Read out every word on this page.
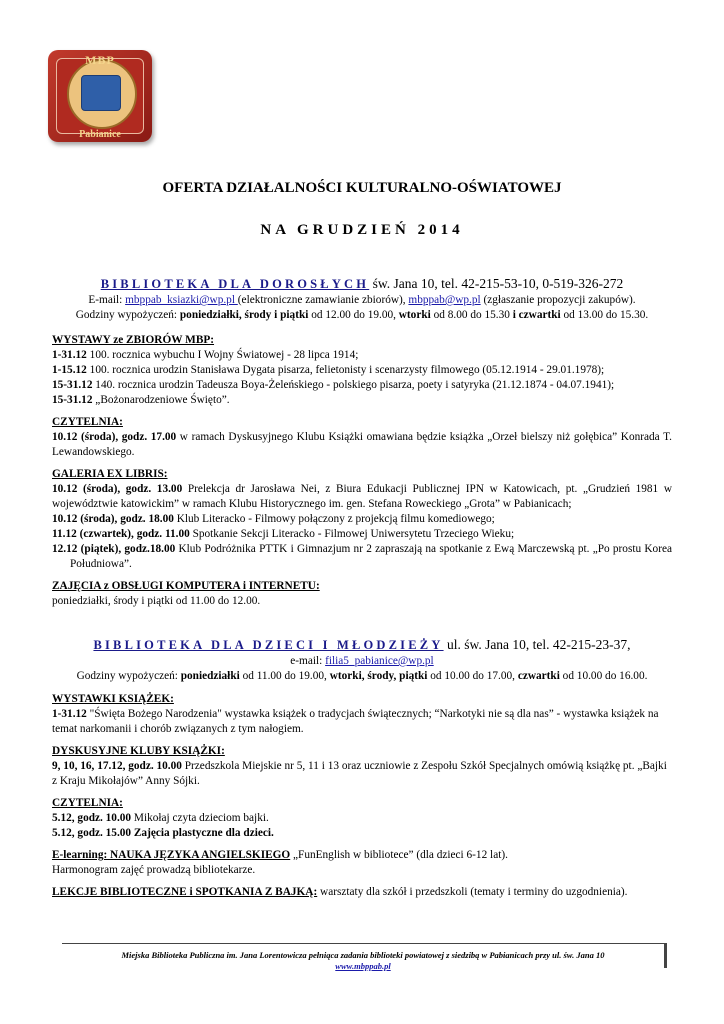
MBP
Pabianice
OFERTA DZIAŁALNOŚCI KULTURALNO-OŚWIATOWEJ
NA GRUDZIEŃ 2014

BIBLIOTEKA DLA DOROSŁYCH św. Jana 10, tel. 42-215-53-10, 0-519-326-272

E-mail: mbppab_ksiazki@wp.pl (elektroniczne zamawianie zbiorów), mbppab@wp.pl (zgłaszanie propozycji zakupów).

Godziny wypożyczeń: poniedziałki, środy i piątki od 12.00 do 19.00, wtorki od 8.00 do 15.30 i czwartki od 13.00 do 15.30.

WYSTAWY ze ZBIORÓW MBP:

1-31.12 100. rocznica wybuchu I Wojny Światowej - 28 lipca 1914;

1-15.12 100. rocznica urodzin Stanisława Dygata pisarza, felietonisty i scenarzysty filmowego (05.12.1914 - 29.01.1978);

15-31.12 140. rocznica urodzin Tadeusza Boya-Żeleńskiego - polskiego pisarza, poety i satyryka (21.12.1874 - 04.07.1941);

15-31.12 „Bożonarodzeniowe Święto”.

CZYTELNIA:

10.12 (środa), godz. 17.00 w ramach Dyskusyjnego Klubu Książki omawiana będzie książka „Orzeł bielszy niż gołębica” Konrada T. Lewandowskiego.

GALERIA EX LIBRIS:

10.12 (środa), godz. 13.00 Prelekcja dr Jarosława Nei, z Biura Edukacji Publicznej IPN w Katowicach, pt. „Grudzień 1981 w województwie katowickim” w ramach Klubu Historycznego im. gen. Stefana Roweckiego „Grota” w Pabianicach;

10.12 (środa), godz. 18.00 Klub Literacko - Filmowy połączony z projekcją filmu komediowego;

11.12 (czwartek), godz. 11.00 Spotkanie Sekcji Literacko - Filmowej Uniwersytetu Trzeciego Wieku;

12.12 (piątek), godz.18.00 Klub Podróżnika PTTK i Gimnazjum nr 2 zapraszają na spotkanie z Ewą Marczewską pt. „Po prostu Korea Południowa”.

ZAJĘCIA z OBSŁUGI KOMPUTERA i INTERNETU:

poniedziałki, środy i piątki od 11.00 do 12.00.

BIBLIOTEKA DLA DZIECI I MŁODZIEŻY ul. św. Jana 10, tel. 42-215-23-37,

e-mail: filia5_pabianice@wp.pl

Godziny wypożyczeń: poniedziałki od 11.00 do 19.00, wtorki, środy, piątki od 10.00 do 17.00, czwartki od 10.00 do 16.00.

WYSTAWKI KSIĄŻEK:

1-31.12 "Święta Bożego Narodzenia" wystawka książek o tradycjach świątecznych; “Narkotyki nie są dla nas” - wystawka książek na temat narkomanii i chorób związanych z tym nałogiem.

DYSKUSYJNE KLUBY KSIĄŻKI:

9, 10, 16, 17.12, godz. 10.00 Przedszkola Miejskie nr 5, 11 i 13 oraz uczniowie z Zespołu Szkół Specjalnych omówią książkę pt. „Bajki z Kraju Mikołajów” Anny Sójki.

CZYTELNIA:

5.12, godz. 10.00 Mikołaj czyta dzieciom bajki.

5.12, godz. 15.00 Zajęcia plastyczne dla dzieci.

E-learning: NAUKA JĘZYKA ANGIELSKIEGO „FunEnglish w bibliotece” (dla dzieci 6-12 lat).

Harmonogram zajęć prowadzą bibliotekarze.

LEKCJE BIBLIOTECZNE i SPOTKANIA Z BAJKĄ: warsztaty dla szkół i przedszkoli (tematy i terminy do uzgodnienia).

Miejska Biblioteka Publiczna im. Jana Lorentowicza pełniąca zadania biblioteki powiatowej z siedzibą w Pabianicach przy ul. św. Jana 10
www.mbppab.pl
